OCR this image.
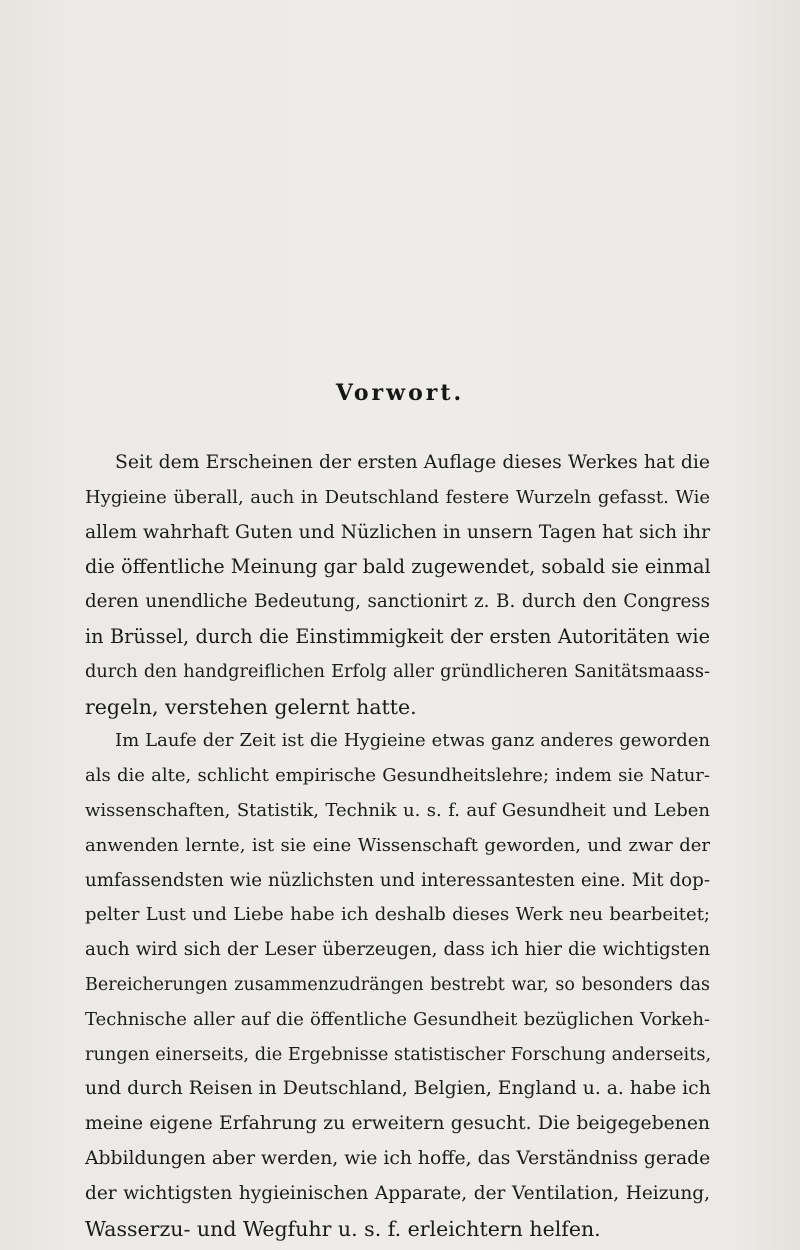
Vorwort.
Seit dem Erscheinen der ersten Auflage dieses Werkes hat die
Hygieine überall, auch in Deutschland festere Wurzeln gefasst. Wie
allem wahrhaft Guten und Nüzlichen in unsern Tagen hat sich ihr
die öffentliche Meinung gar bald zugewendet, sobald sie einmal
deren unendliche Bedeutung, sanctionirt z. B. durch den Congress
in Brüssel, durch die Einstimmigkeit der ersten Autoritäten wie
durch den handgreiflichen Erfolg aller gründlicheren Sanitätsmaass-
regeln, verstehen gelernt hatte.
Im Laufe der Zeit ist die Hygieine etwas ganz anderes geworden
als die alte, schlicht empirische Gesundheitslehre; indem sie Natur-
wissenschaften, Statistik, Technik u. s. f. auf Gesundheit und Leben
anwenden lernte, ist sie eine Wissenschaft geworden, und zwar der
umfassendsten wie nüzlichsten und interessantesten eine. Mit dop-
pelter Lust und Liebe habe ich deshalb dieses Werk neu bearbeitet;
auch wird sich der Leser überzeugen, dass ich hier die wichtigsten
Bereicherungen zusammenzudrängen bestrebt war, so besonders das
Technische aller auf die öffentliche Gesundheit bezüglichen Vorkeh-
rungen einerseits, die Ergebnisse statistischer Forschung anderseits,
und durch Reisen in Deutschland, Belgien, England u. a. habe ich
meine eigene Erfahrung zu erweitern gesucht. Die beigegebenen
Abbildungen aber werden, wie ich hoffe, das Verständniss gerade
der wichtigsten hygieinischen Apparate, der Ventilation, Heizung,
Wasserzu- und Wegfuhr u. s. f. erleichtern helfen.
